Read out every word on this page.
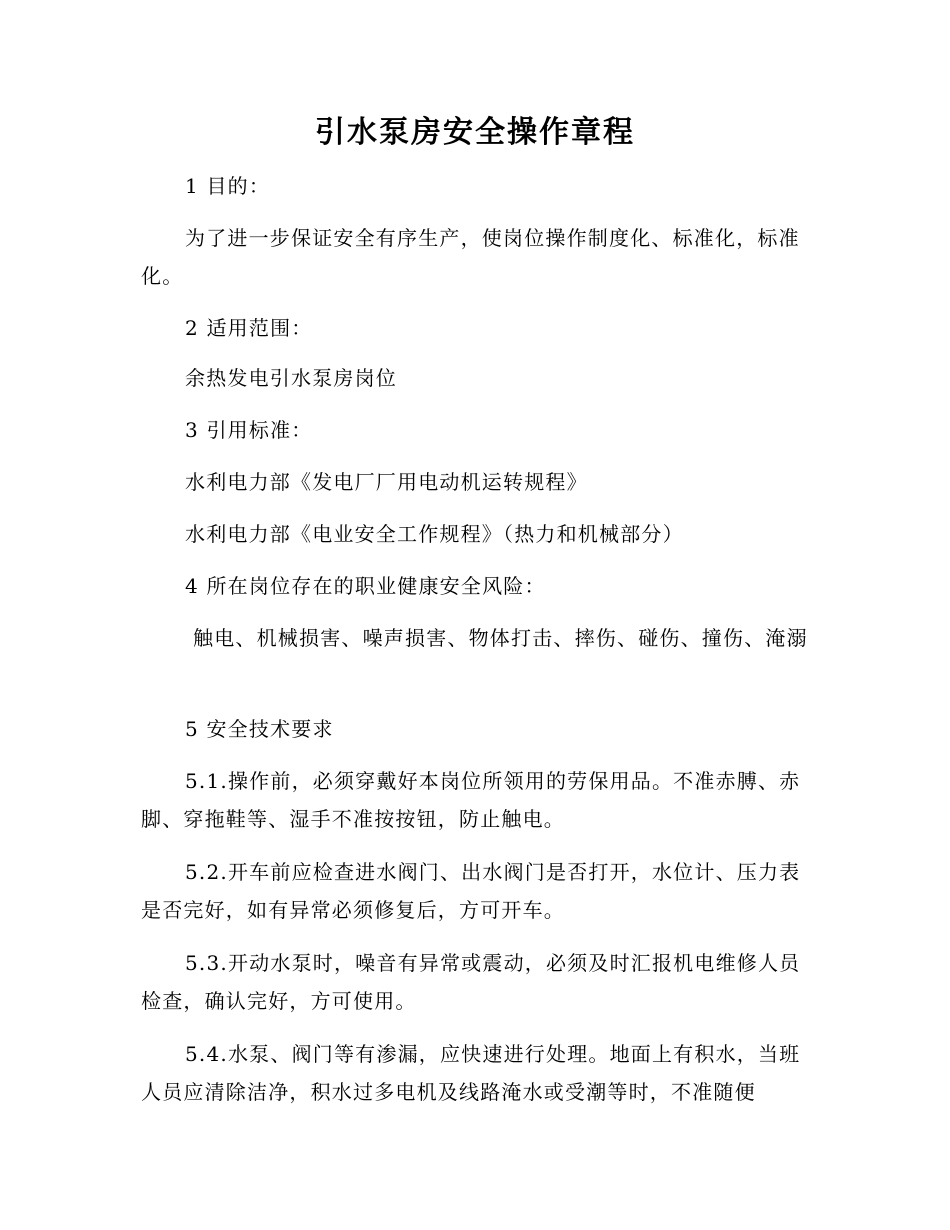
引水泵房安全操作章程

1 目的：

为了进一步保证安全有序生产，使岗位操作制度化、标准化，标准化。

2 适用范围：

余热发电引水泵房岗位

3 引用标准：

水利电力部《发电厂厂用电动机运转规程》

水利电力部《电业安全工作规程》（热力和机械部分）

4 所在岗位存在的职业健康安全风险：

触电、机械损害、噪声损害、物体打击、摔伤、碰伤、撞伤、淹溺

5 安全技术要求

5.1.操作前，必须穿戴好本岗位所领用的劳保用品。不准赤膊、赤脚、穿拖鞋等、湿手不准按按钮，防止触电。

5.2.开车前应检查进水阀门、出水阀门是否打开，水位计、压力表是否完好，如有异常必须修复后，方可开车。

5.3.开动水泵时，噪音有异常或震动，必须及时汇报机电维修人员检查，确认完好，方可使用。

5.4.水泵、阀门等有渗漏，应快速进行处理。地面上有积水，当班人员应清除洁净，积水过多电机及线路淹水或受潮等时，不准随便
